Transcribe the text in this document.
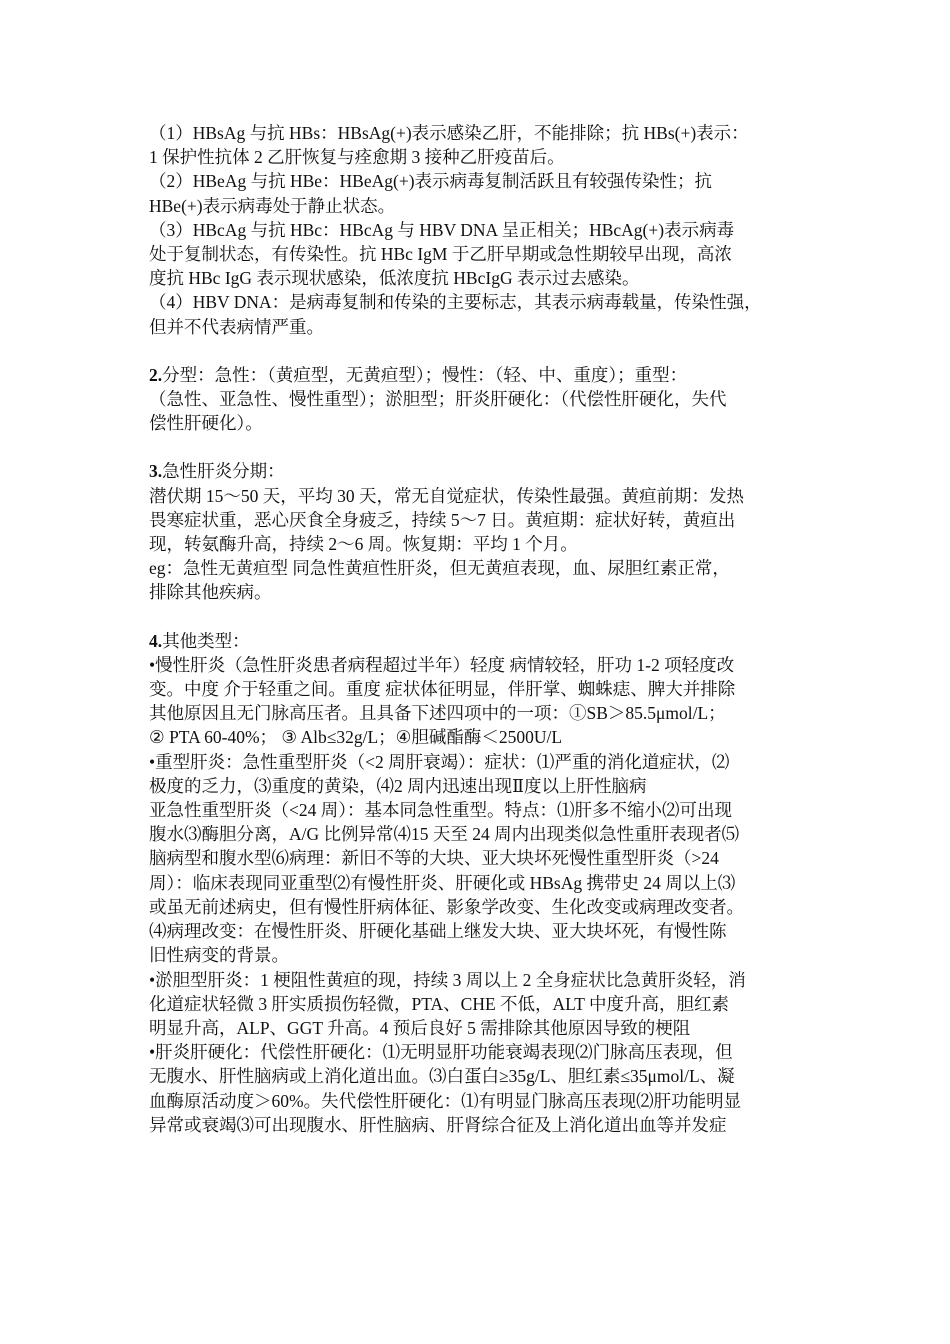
（1）HBsAg 与抗 HBs：HBsAg(+)表示感染乙肝，不能排除；抗 HBs(+)表示：
1 保护性抗体 2 乙肝恢复与痊愈期 3 接种乙肝疫苗后。
（2）HBeAg 与抗 HBe：HBeAg(+)表示病毒复制活跃且有较强传染性；抗
HBe(+)表示病毒处于静止状态。
（3）HBcAg 与抗 HBc：HBcAg 与 HBV DNA 呈正相关；HBcAg(+)表示病毒
处于复制状态，有传染性。抗 HBc IgM 于乙肝早期或急性期较早出现，高浓
度抗 HBc IgG 表示现状感染，低浓度抗 HBcIgG 表示过去感染。
（4）HBV DNA：是病毒复制和传染的主要标志，其表示病毒载量，传染性强，
但并不代表病情严重。
2.分型：急性：（黄疸型，无黄疸型）；慢性：（轻、中、重度）；重型：
（急性、亚急性、慢性重型）；淤胆型；肝炎肝硬化：（代偿性肝硬化，失代
偿性肝硬化）。
3.急性肝炎分期：
潜伏期 15～50 天，平均 30 天，常无自觉症状，传染性最强。黄疸前期：发热
畏寒症状重，恶心厌食全身疲乏，持续 5～7 日。黄疸期：症状好转，黄疸出
现，转氨酶升高，持续 2～6 周。恢复期：平均 1 个月。
eg：急性无黄疸型 同急性黄疸性肝炎，但无黄疸表现，血、尿胆红素正常，
排除其他疾病。
4.其他类型：
•慢性肝炎（急性肝炎患者病程超过半年）轻度 病情较轻，肝功 1-2 项轻度改
变。中度 介于轻重之间。重度 症状体征明显，伴肝掌、蜘蛛痣、脾大并排除
其他原因且无门脉高压者。且具备下述四项中的一项：①SB＞85.5μmol/L；
② PTA 60-40%； ③ Alb≤32g/L；④胆碱酯酶＜2500U/L
•重型肝炎：急性重型肝炎（<2 周肝衰竭）：症状：⑴严重的消化道症状，⑵
极度的乏力，⑶重度的黄染，⑷2 周内迅速出现Ⅱ度以上肝性脑病
亚急性重型肝炎（<24 周）：基本同急性重型。特点：⑴肝多不缩小⑵可出现
腹水⑶酶胆分离，A/G 比例异常⑷15 天至 24 周内出现类似急性重肝表现者⑸
脑病型和腹水型⑹病理：新旧不等的大块、亚大块坏死慢性重型肝炎（>24
周）：临床表现同亚重型⑵有慢性肝炎、肝硬化或 HBsAg 携带史 24 周以上⑶
或虽无前述病史，但有慢性肝病体征、影象学改变、生化改变或病理改变者。
⑷病理改变：在慢性肝炎、肝硬化基础上继发大块、亚大块坏死，有慢性陈
旧性病变的背景。
•淤胆型肝炎：1 梗阻性黄疸的现，持续 3 周以上 2 全身症状比急黄肝炎轻，消
化道症状轻微 3 肝实质损伤轻微，PTA、CHE 不低，ALT 中度升高，胆红素
明显升高，ALP、GGT 升高。4 预后良好 5 需排除其他原因导致的梗阻
•肝炎肝硬化：代偿性肝硬化：⑴无明显肝功能衰竭表现⑵门脉高压表现，但
无腹水、肝性脑病或上消化道出血。⑶白蛋白≥35g/L、胆红素≤35μmol/L、凝
血酶原活动度＞60%。失代偿性肝硬化：⑴有明显门脉高压表现⑵肝功能明显
异常或衰竭⑶可出现腹水、肝性脑病、肝肾综合征及上消化道出血等并发症
